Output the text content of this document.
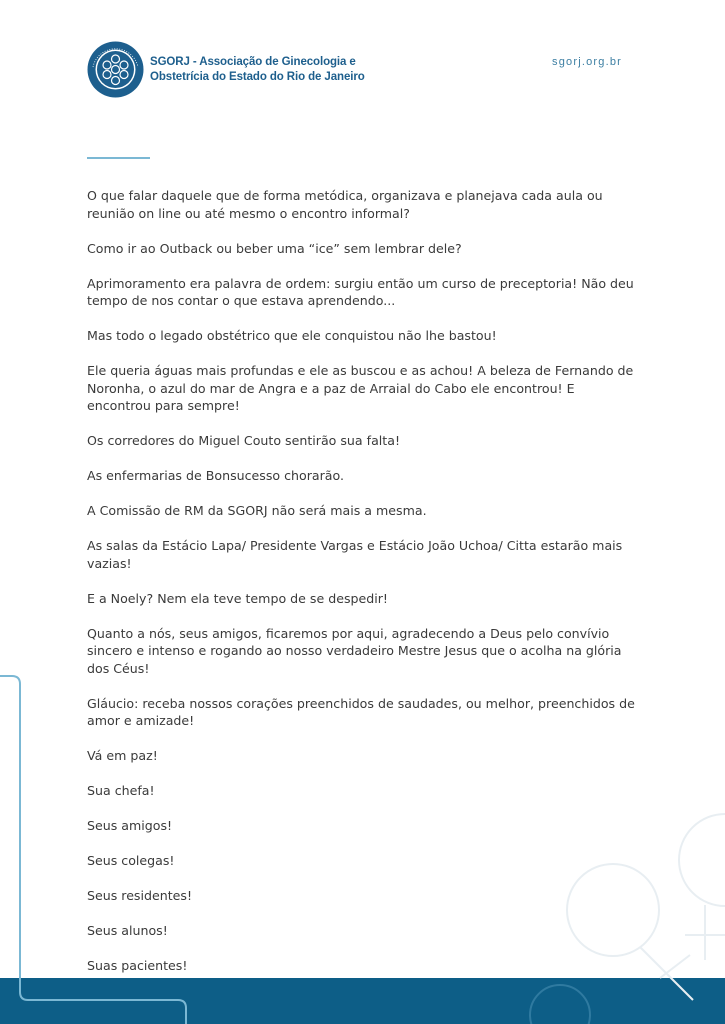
SGORJ - Associação de Ginecologia e
Obstetrícia do Estado do Rio de Janeiro
sgorj.org.br

O que falar daquele que de forma metódica, organizava e planejava cada aula ou reunião on line ou até mesmo o encontro informal?

Como ir ao Outback ou beber uma “ice” sem lembrar dele?

Aprimoramento era palavra de ordem: surgiu então um curso de preceptoria! Não deu tempo de nos contar o que estava aprendendo...

Mas todo o legado obstétrico que ele conquistou não lhe bastou!

Ele queria águas mais profundas e ele as buscou e as achou! A beleza de Fernando de Noronha, o azul do mar de Angra e a paz de Arraial do Cabo ele encontrou! E encontrou para sempre!

Os corredores do Miguel Couto sentirão sua falta!

As enfermarias de Bonsucesso chorarão.

A Comissão de RM da SGORJ não será mais a mesma.

As salas da Estácio Lapa/ Presidente Vargas e Estácio João Uchoa/ Citta estarão mais vazias!

E a Noely? Nem ela teve tempo de se despedir!

Quanto a nós, seus amigos, ficaremos por aqui, agradecendo a Deus pelo convívio sincero e intenso e rogando ao nosso verdadeiro Mestre Jesus que o acolha na glória dos Céus!

Gláucio: receba nossos corações preenchidos de saudades, ou melhor, preenchidos de amor e amizade!

Vá em paz!

Sua chefa!

Seus amigos!

Seus colegas!

Seus residentes!

Seus alunos!

Suas pacientes!
